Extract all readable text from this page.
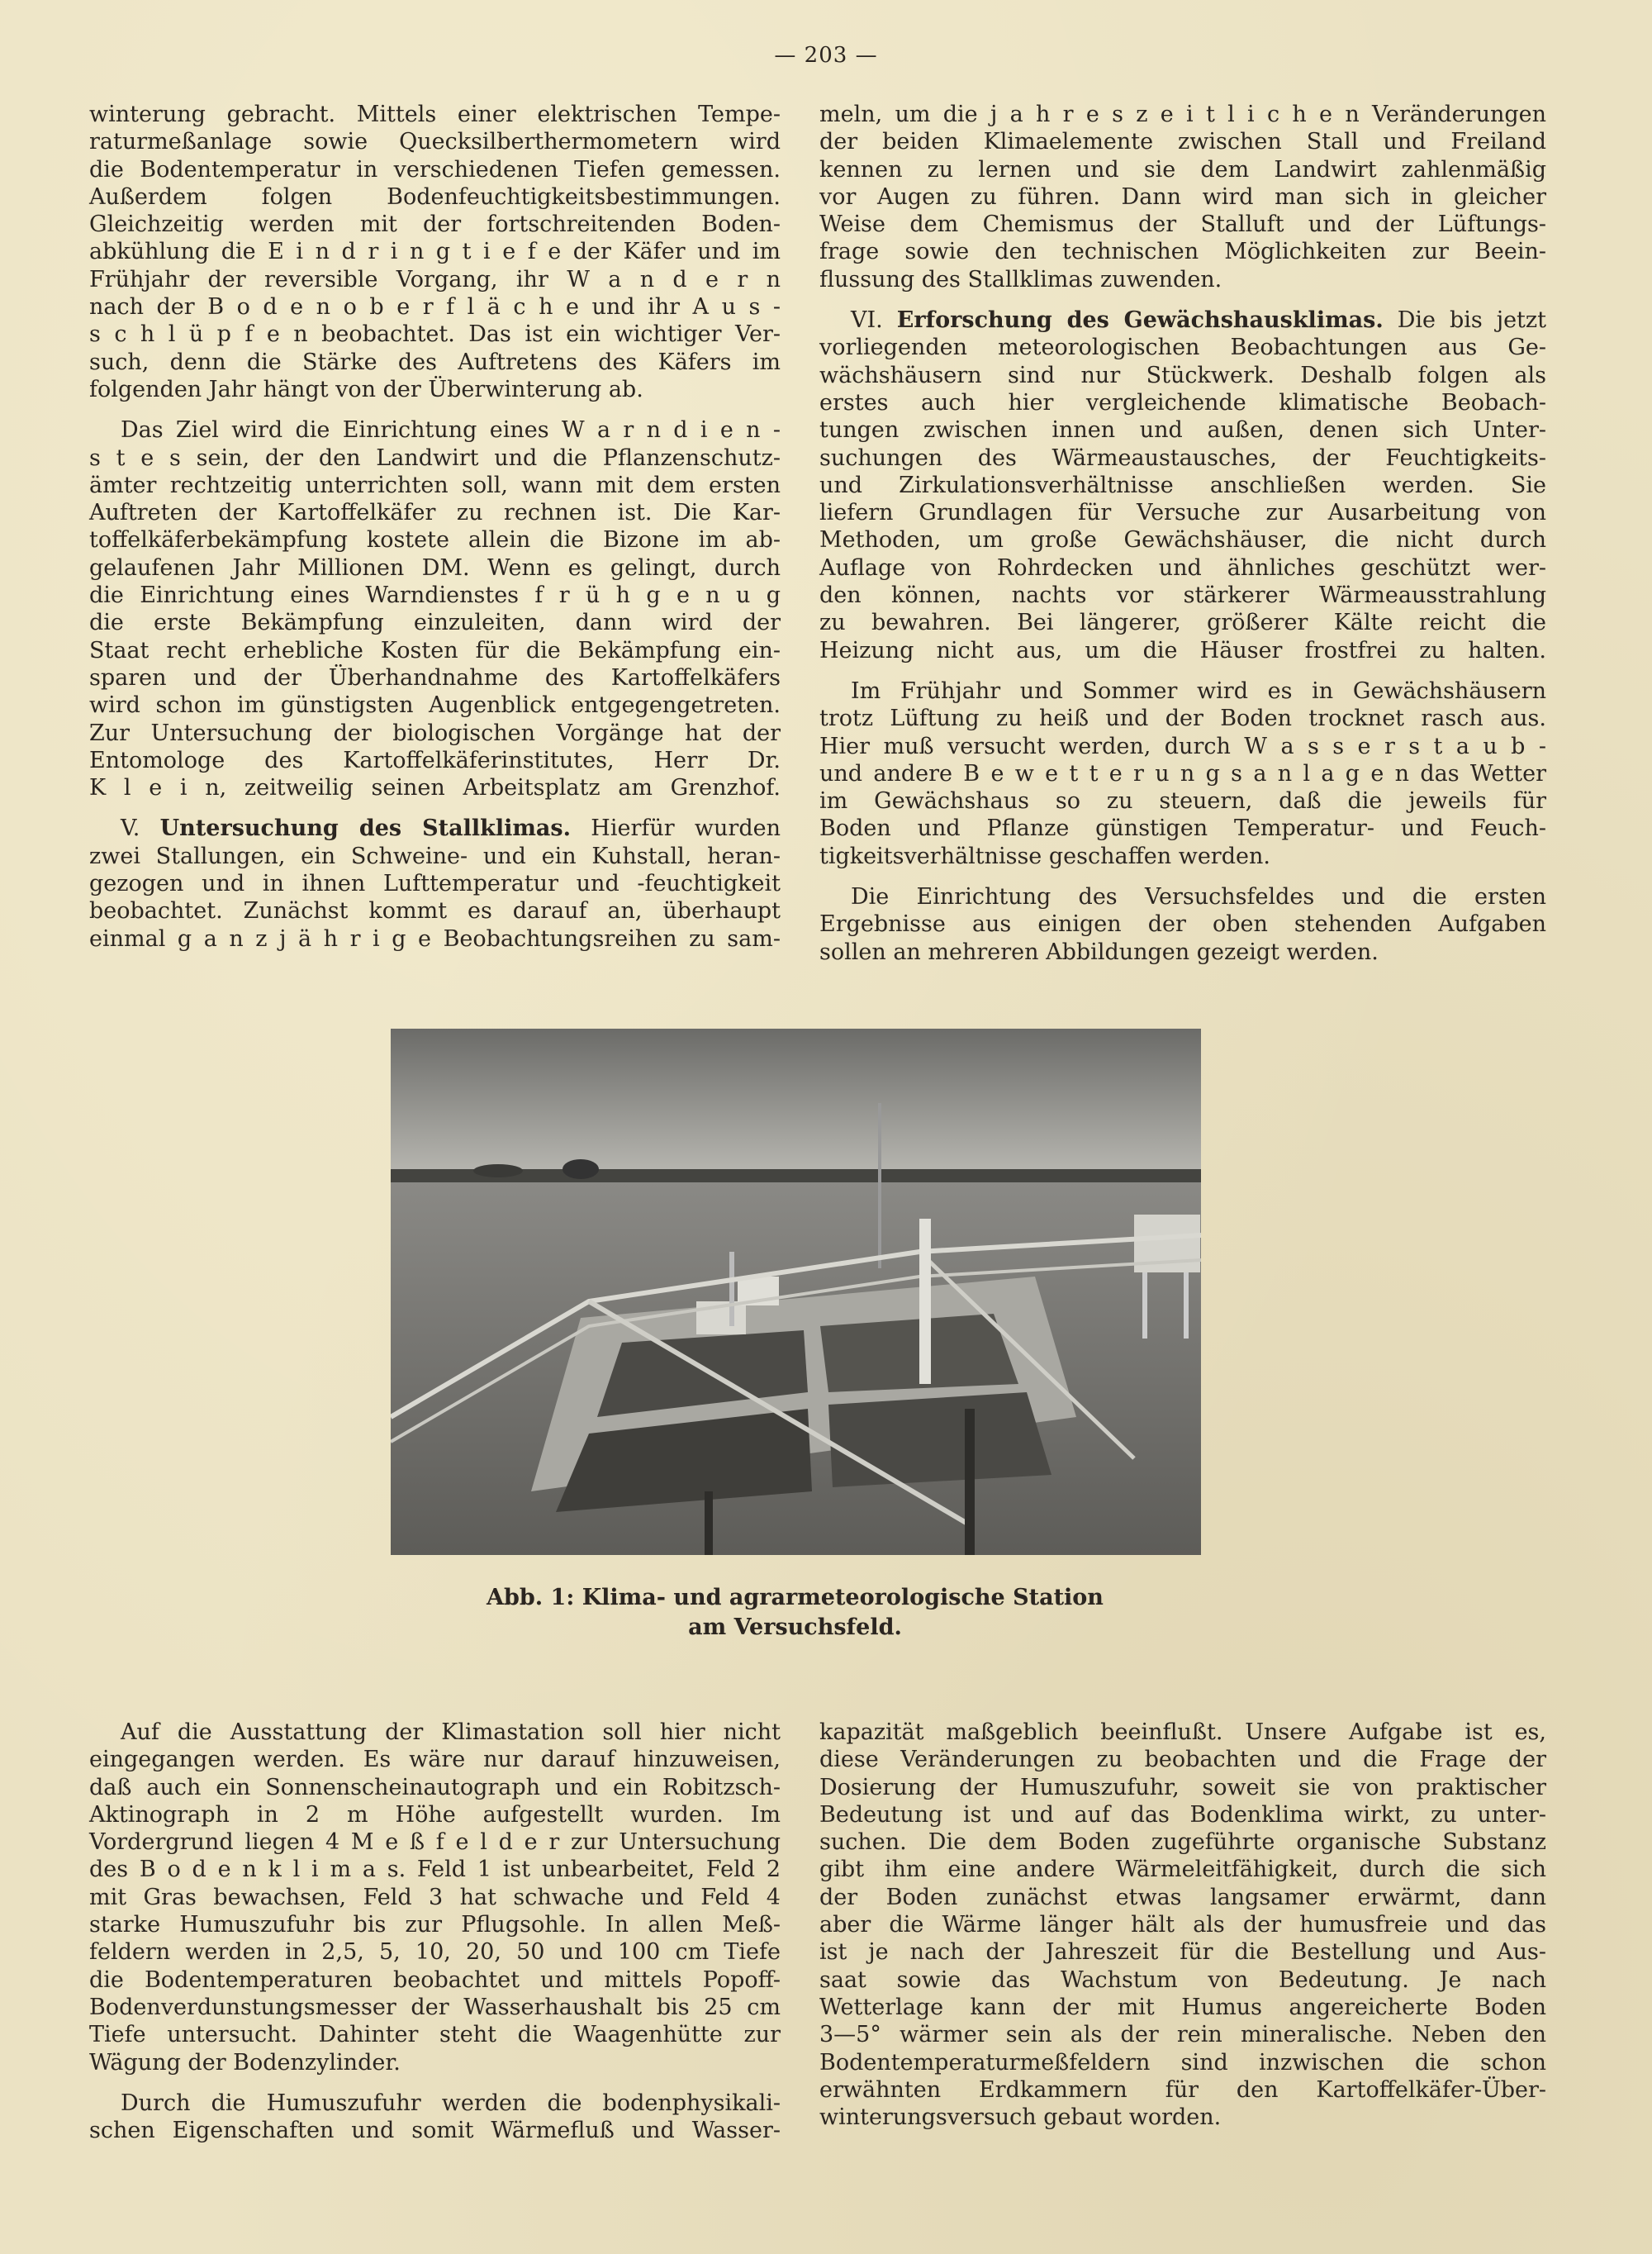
— 203 —
winterung gebracht. Mittels einer elektrischen Tempe-
raturmeßanlage sowie Quecksilberthermometern wird
die Bodentemperatur in verschiedenen Tiefen gemessen.
Außerdem folgen Bodenfeuchtigkeitsbestimmungen.
Gleichzeitig werden mit der fortschreitenden Boden-
abkühlung die E i n d r i n g t i e f e der Käfer und im
Frühjahr der reversible Vorgang, ihr W a n d e r n
nach der B o d e n o b e r f l ä c h e und ihr A u s -
s c h l ü p f e n beobachtet. Das ist ein wichtiger Ver-
such, denn die Stärke des Auftretens des Käfers im
folgenden Jahr hängt von der Überwinterung ab.
Das Ziel wird die Einrichtung eines W a r n d i e n -
s t e s sein, der den Landwirt und die Pflanzenschutz-
ämter rechtzeitig unterrichten soll, wann mit dem ersten
Auftreten der Kartoffelkäfer zu rechnen ist. Die Kar-
toffelkäferbekämpfung kostete allein die Bizone im ab-
gelaufenen Jahr Millionen DM. Wenn es gelingt, durch
die Einrichtung eines Warndienstes f r ü h g e n u g
die erste Bekämpfung einzuleiten, dann wird der
Staat recht erhebliche Kosten für die Bekämpfung ein-
sparen und der Überhandnahme des Kartoffelkäfers
wird schon im günstigsten Augenblick entgegengetreten.
Zur Untersuchung der biologischen Vorgänge hat der
Entomologe des Kartoffelkäferinstitutes, Herr Dr.
K l e i n, zeitweilig seinen Arbeitsplatz am Grenzhof.
V. Untersuchung des Stallklimas. Hierfür wurden
zwei Stallungen, ein Schweine- und ein Kuhstall, heran-
gezogen und in ihnen Lufttemperatur und -feuchtigkeit
beobachtet. Zunächst kommt es darauf an, überhaupt
einmal g a n z j ä h r i g e Beobachtungsreihen zu sam-
meln, um die j a h r e s z e i t l i c h e n Veränderungen
der beiden Klimaelemente zwischen Stall und Freiland
kennen zu lernen und sie dem Landwirt zahlenmäßig
vor Augen zu führen. Dann wird man sich in gleicher
Weise dem Chemismus der Stalluft und der Lüftungs-
frage sowie den technischen Möglichkeiten zur Beein-
flussung des Stallklimas zuwenden.
VI. Erforschung des Gewächshausklimas. Die bis jetzt
vorliegenden meteorologischen Beobachtungen aus Ge-
wächshäusern sind nur Stückwerk. Deshalb folgen als
erstes auch hier vergleichende klimatische Beobach-
tungen zwischen innen und außen, denen sich Unter-
suchungen des Wärmeaustausches, der Feuchtigkeits-
und Zirkulationsverhältnisse anschließen werden. Sie
liefern Grundlagen für Versuche zur Ausarbeitung von
Methoden, um große Gewächshäuser, die nicht durch
Auflage von Rohrdecken und ähnliches geschützt wer-
den können, nachts vor stärkerer Wärmeausstrahlung
zu bewahren. Bei längerer, größerer Kälte reicht die
Heizung nicht aus, um die Häuser frostfrei zu halten.
Im Frühjahr und Sommer wird es in Gewächshäusern
trotz Lüftung zu heiß und der Boden trocknet rasch aus.
Hier muß versucht werden, durch W a s s e r s t a u b -
und andere B e w e t t e r u n g s a n l a g e n das Wetter
im Gewächshaus so zu steuern, daß die jeweils für
Boden und Pflanze günstigen Temperatur- und Feuch-
tigkeitsverhältnisse geschaffen werden.
Die Einrichtung des Versuchsfeldes und die ersten
Ergebnisse aus einigen der oben stehenden Aufgaben
sollen an mehreren Abbildungen gezeigt werden.
Abb. 1: Klima- und agrarmeteorologische Station
am Versuchsfeld.
Auf die Ausstattung der Klimastation soll hier nicht
eingegangen werden. Es wäre nur darauf hinzuweisen,
daß auch ein Sonnenscheinautograph und ein Robitzsch-
Aktinograph in 2 m Höhe aufgestellt wurden. Im
Vordergrund liegen 4 M e ß f e l d e r zur Untersuchung
des B o d e n k l i m a s. Feld 1 ist unbearbeitet, Feld 2
mit Gras bewachsen, Feld 3 hat schwache und Feld 4
starke Humuszufuhr bis zur Pflugsohle. In allen Meß-
feldern werden in 2,5, 5, 10, 20, 50 und 100 cm Tiefe
die Bodentemperaturen beobachtet und mittels Popoff-
Bodenverdunstungsmesser der Wasserhaushalt bis 25 cm
Tiefe untersucht. Dahinter steht die Waagenhütte zur
Wägung der Bodenzylinder.
Durch die Humuszufuhr werden die bodenphysikali-
schen Eigenschaften und somit Wärmefluß und Wasser-
kapazität maßgeblich beeinflußt. Unsere Aufgabe ist es,
diese Veränderungen zu beobachten und die Frage der
Dosierung der Humuszufuhr, soweit sie von praktischer
Bedeutung ist und auf das Bodenklima wirkt, zu unter-
suchen. Die dem Boden zugeführte organische Substanz
gibt ihm eine andere Wärmeleitfähigkeit, durch die sich
der Boden zunächst etwas langsamer erwärmt, dann
aber die Wärme länger hält als der humusfreie und das
ist je nach der Jahreszeit für die Bestellung und Aus-
saat sowie das Wachstum von Bedeutung. Je nach
Wetterlage kann der mit Humus angereicherte Boden
3—5° wärmer sein als der rein mineralische. Neben den
Bodentemperaturmeßfeldern sind inzwischen die schon
erwähnten Erdkammern für den Kartoffelkäfer-Über-
winterungsversuch gebaut worden.
